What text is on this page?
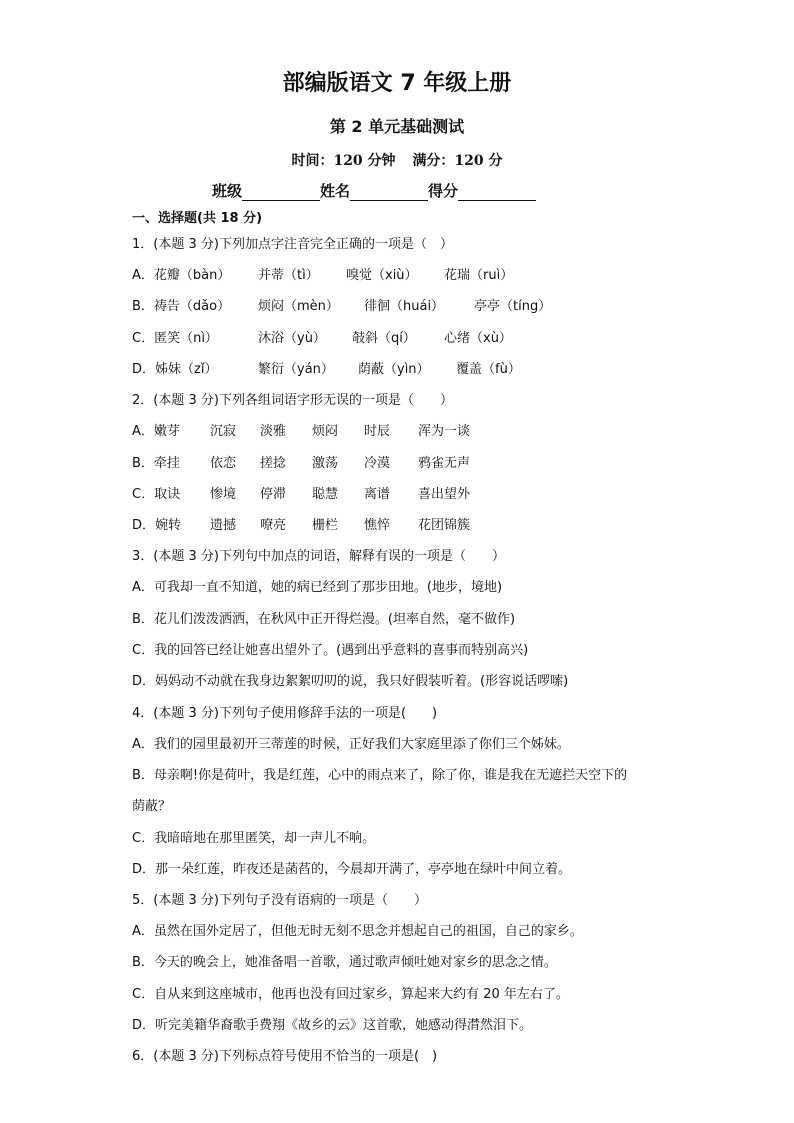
部编版语文 7 年级上册
第 2 单元基础测试
时间：120 分钟 满分：120 分
班级	姓名	得分
一、选择题(共 18 分)
1．(本题 3 分)下列加点字注音完全正确的一项是（　）
A．花瓣（bàn） 并蒂（tì） 嗅觉（xiù） 花瑞（ruì）
B．祷告（dǎo） 烦闷（mèn） 徘徊（huái） 亭亭（tíng）
C．匿笑（nì）	沐浴（yù） 攲斜（qí） 心绪（xù）
D．姊妹（zǐ）	繁衍（yán） 荫蔽（yìn） 覆盖（fù）
2．(本题 3 分)下列各组词语字形无误的一项是（　　）
A．嫩芽 沉寂 淡雅 烦闷 时辰 浑为一谈
B．牵挂 依恋 搓捻 激荡 冷漠 鸦雀无声
C．取诀 惨境 停滞 聪慧 离谱 喜出望外
D．婉转 遗撼 嘹亮 栅栏 憔悴 花团锦簇
3．(本题 3 分)下列句中加点的词语，解释有误的一项是（　　）
A．可我却一直不知道，她的病已经到了那步田地。(地步，境地)
B．花儿们泼泼洒洒，在秋风中正开得烂漫。(坦率自然，毫不做作)
C．我的回答已经让她喜出望外了。(遇到出乎意料的喜事而特别高兴)
D．妈妈动不动就在我身边絮絮叨叨的说，我只好假装听着。(形容说话啰嗦)
4．(本题 3 分)下列句子使用修辞手法的一项是(　　)
A．我们的园里最初开三蒂莲的时候，正好我们大家庭里添了你们三个姊妹。
B．母亲啊!你是荷叶，我是红莲，心中的雨点来了，除了你，谁是我在无遮拦天空下的
荫蔽？
C．我暗暗地在那里匿笑，却一声儿不响。
D．那一朵红莲，昨夜还是菡萏的，今晨却开满了，亭亭地在绿叶中间立着。
5．(本题 3 分)下列句子没有语病的一项是（　　）
A．虽然在国外定居了，但他无时无刻不思念并想起自己的祖国，自己的家乡。
B．今天的晚会上，她准备唱一首歌，通过歌声倾吐她对家乡的思念之情。
C．自从来到这座城市，他再也没有回过家乡，算起来大约有 20 年左右了。
D．听完美籍华裔歌手费翔《故乡的云》这首歌，她感动得潸然泪下。
6．(本题 3 分)下列标点符号使用不恰当的一项是(　)
